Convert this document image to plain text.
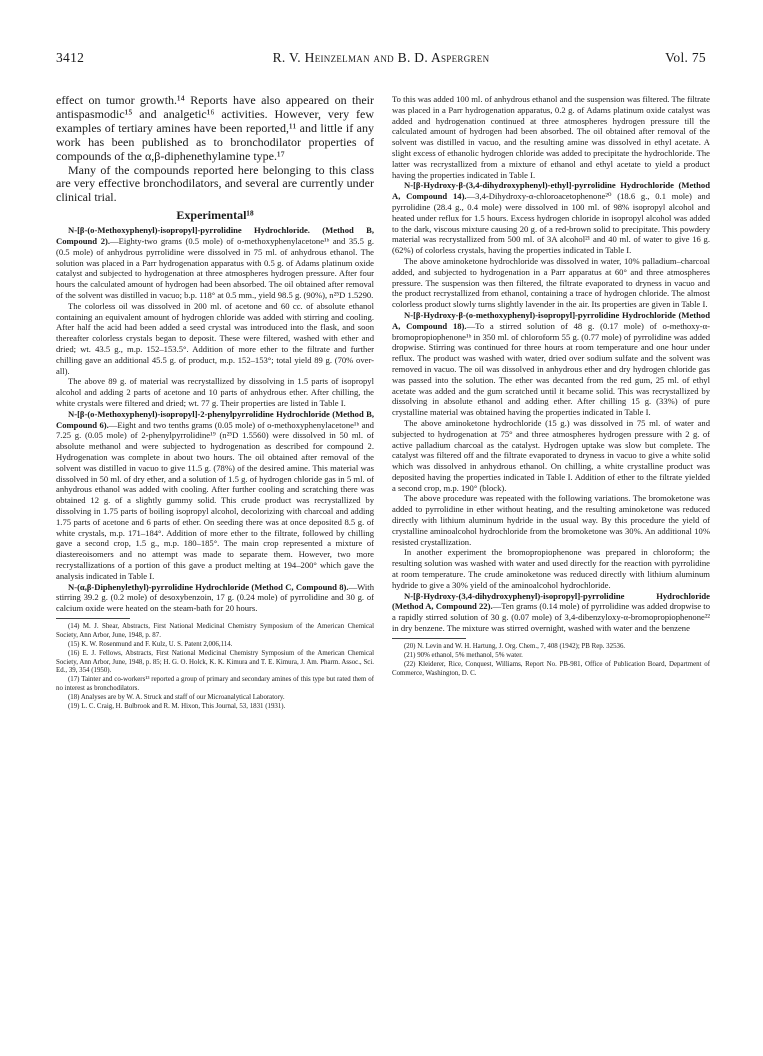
3412	R. V. Heinzelman and B. D. Aspergren	Vol. 75

effect on tumor growth.¹⁴ Reports have also appeared on their antispasmodic¹⁵ and analgetic¹⁶ activities. However, very few examples of tertiary amines have been reported,¹¹ and little if any work has been published as to bronchodilator properties of compounds of the α,β-diphenethylamine type.¹⁷

Many of the compounds reported here belonging to this class are very effective bronchodilators, and several are currently under clinical trial.

Experimental¹⁸

N-[β-(o-Methoxyphenyl)-isopropyl]-pyrrolidine Hydrochloride. (Method B, Compound 2).—Eighty-two grams (0.5 mole) of o-methoxyphenylacetone¹ᵇ and 35.5 g. (0.5 mole) of anhydrous pyrrolidine were dissolved in 75 ml. of anhydrous ethanol. The solution was placed in a Parr hydrogenation apparatus with 0.5 g. of Adams platinum oxide catalyst and subjected to hydrogenation at three atmospheres hydrogen pressure. After four hours the calculated amount of hydrogen had been absorbed. The oil obtained after removal of the solvent was distilled in vacuo; b.p. 118° at 0.5 mm., yield 98.5 g. (90%), n²⁵D 1.5290.

The colorless oil was dissolved in 200 ml. of acetone and 60 cc. of absolute ethanol containing an equivalent amount of hydrogen chloride was added with stirring and cooling. After half the acid had been added a seed crystal was introduced into the flask, and soon thereafter colorless crystals began to deposit. These were filtered, washed with ether and dried; wt. 43.5 g., m.p. 152–153.5°. Addition of more ether to the filtrate and further chilling gave an additional 45.5 g. of product, m.p. 152–153°; total yield 89 g. (70% over-all).

The above 89 g. of material was recrystallized by dissolving in 1.5 parts of isopropyl alcohol and adding 2 parts of acetone and 10 parts of anhydrous ether. After chilling, the white crystals were filtered and dried; wt. 77 g. Their properties are listed in Table I.

N-[β-(o-Methoxyphenyl)-isopropyl]-2-phenylpyrrolidine Hydrochloride (Method B, Compound 6).—Eight and two tenths grams (0.05 mole) of o-methoxyphenylacetone¹ᵇ and 7.25 g. (0.05 mole) of 2-phenylpyrrolidine¹⁹ (n²⁵D 1.5560) were dissolved in 50 ml. of absolute methanol and were subjected to hydrogenation as described for compound 2. Hydrogenation was complete in about two hours. The oil obtained after removal of the solvent was distilled in vacuo to give 11.5 g. (78%) of the desired amine. This material was dissolved in 50 ml. of dry ether, and a solution of 1.5 g. of hydrogen chloride gas in 5 ml. of anhydrous ethanol was added with cooling. After further cooling and scratching there was obtained 12 g. of a slightly gummy solid. This crude product was recrystallized by dissolving in 1.75 parts of boiling isopropyl alcohol, decolorizing with charcoal and adding 1.75 parts of acetone and 6 parts of ether. On seeding there was at once deposited 8.5 g. of white crystals, m.p. 171–184°. Addition of more ether to the filtrate, followed by chilling gave a second crop, 1.5 g., m.p. 180–185°. The main crop represented a mixture of diastereoisomers and no attempt was made to separate them. However, two more recrystallizations of a portion of this gave a product melting at 194–200° which gave the analysis indicated in Table I.

N-(α,β-Diphenylethyl)-pyrrolidine Hydrochloride (Method C, Compound 8).—With stirring 39.2 g. (0.2 mole) of desoxybenzoin, 17 g. (0.24 mole) of pyrrolidine and 30 g. of calcium oxide were heated on the steam-bath for 20 hours.

(14) M. J. Shear, Abstracts, First National Medicinal Chemistry Symposium of the American Chemical Society, Ann Arbor, June, 1948, p. 87.

(15) K. W. Rosenmund and F. Kulz, U. S. Patent 2,006,114.

(16) E. J. Fellows, Abstracts, First National Medicinal Chemistry Symposium of the American Chemical Society, Ann Arbor, June, 1948, p. 85; H. G. O. Holck, K. K. Kimura and T. E. Kimura, J. Am. Pharm. Assoc., Sci. Ed., 39, 354 (1950).

(17) Tainter and co-workers¹³ reported a group of primary and secondary amines of this type but rated them of no interest as bronchodilators.

(18) Analyses are by W. A. Struck and staff of our Microanalytical Laboratory.

(19) L. C. Craig, H. Bulbrook and R. M. Hixon, This Journal, 53, 1831 (1931).

To this was added 100 ml. of anhydrous ethanol and the suspension was filtered. The filtrate was placed in a Parr hydrogenation apparatus, 0.2 g. of Adams platinum oxide catalyst was added and hydrogenation continued at three atmospheres hydrogen pressure till the calculated amount of hydrogen had been absorbed. The oil obtained after removal of the solvent was distilled in vacuo, and the resulting amine was dissolved in ethyl acetate. A slight excess of ethanolic hydrogen chloride was added to precipitate the hydrochloride. The latter was recrystallized from a mixture of ethanol and ethyl acetate to yield a product having the properties indicated in Table I.

N-[β-Hydroxy-β-(3,4-dihydroxyphenyl)-ethyl]-pyrrolidine Hydrochloride (Method A, Compound 14).—3,4-Dihydroxy-α-chloroacetophenone²⁰ (18.6 g., 0.1 mole) and pyrrolidine (28.4 g., 0.4 mole) were dissolved in 100 ml. of 98% isopropyl alcohol and heated under reflux for 1.5 hours. Excess hydrogen chloride in isopropyl alcohol was added to the dark, viscous mixture causing 20 g. of a red-brown solid to precipitate. This powdery material was recrystallized from 500 ml. of 3A alcohol²¹ and 40 ml. of water to give 16 g. (62%) of colorless crystals, having the properties indicated in Table I.

The above aminoketone hydrochloride was dissolved in water, 10% palladium–charcoal added, and subjected to hydrogenation in a Parr apparatus at 60° and three atmospheres pressure. The suspension was then filtered, the filtrate evaporated to dryness in vacuo and the product recrystallized from ethanol, containing a trace of hydrogen chloride. The almost colorless product slowly turns slightly lavender in the air. Its properties are given in Table I.

N-[β-Hydroxy-β-(o-methoxyphenyl)-isopropyl]-pyrrolidine Hydrochloride (Method A, Compound 18).—To a stirred solution of 48 g. (0.17 mole) of o-methoxy-α-bromopropiophenone¹ᵇ in 350 ml. of chloroform 55 g. (0.77 mole) of pyrrolidine was added dropwise. Stirring was continued for three hours at room temperature and one hour under reflux. The product was washed with water, dried over sodium sulfate and the solvent was removed in vacuo. The oil was dissolved in anhydrous ether and dry hydrogen chloride gas was passed into the solution. The ether was decanted from the red gum, 25 ml. of ethyl acetate was added and the gum scratched until it became solid. This was recrystallized by dissolving in absolute ethanol and adding ether. After chilling 15 g. (33%) of pure crystalline material was obtained having the properties indicated in Table I.

The above aminoketone hydrochloride (15 g.) was dissolved in 75 ml. of water and subjected to hydrogenation at 75° and three atmospheres hydrogen pressure with 2 g. of active palladium charcoal as the catalyst. Hydrogen uptake was slow but complete. The catalyst was filtered off and the filtrate evaporated to dryness in vacuo to give a white solid which was dissolved in anhydrous ethanol. On chilling, a white crystalline product was deposited having the properties indicated in Table I. Addition of ether to the filtrate yielded a second crop, m.p. 190° (block).

The above procedure was repeated with the following variations. The bromoketone was added to pyrrolidine in ether without heating, and the resulting aminoketone was reduced directly with lithium aluminum hydride in the usual way. By this procedure the yield of crystalline aminoalcohol hydrochloride from the bromoketone was 30%. An additional 10% resisted crystallization.

In another experiment the bromopropiophenone was prepared in chloroform; the resulting solution was washed with water and used directly for the reaction with pyrrolidine at room temperature. The crude aminoketone was reduced directly with lithium aluminum hydride to give a 30% yield of the aminoalcohol hydrochloride.

N-[β-Hydroxy-(3,4-dihydroxyphenyl)-isopropyl]-pyrrolidine Hydrochloride (Method A, Compound 22).—Ten grams (0.14 mole) of pyrrolidine was added dropwise to a rapidly stirred solution of 30 g. (0.07 mole) of 3,4-dibenzyloxy-α-bromopropiophenone²² in dry benzene. The mixture was stirred overnight, washed with water and the benzene

(20) N. Levin and W. H. Hartung, J. Org. Chem., 7, 408 (1942); PB Rep. 32536.

(21) 90% ethanol, 5% methanol, 5% water.

(22) Kleiderer, Rice, Conquest, Williams, Report No. PB-981, Office of Publication Board, Department of Commerce, Washington, D. C.
